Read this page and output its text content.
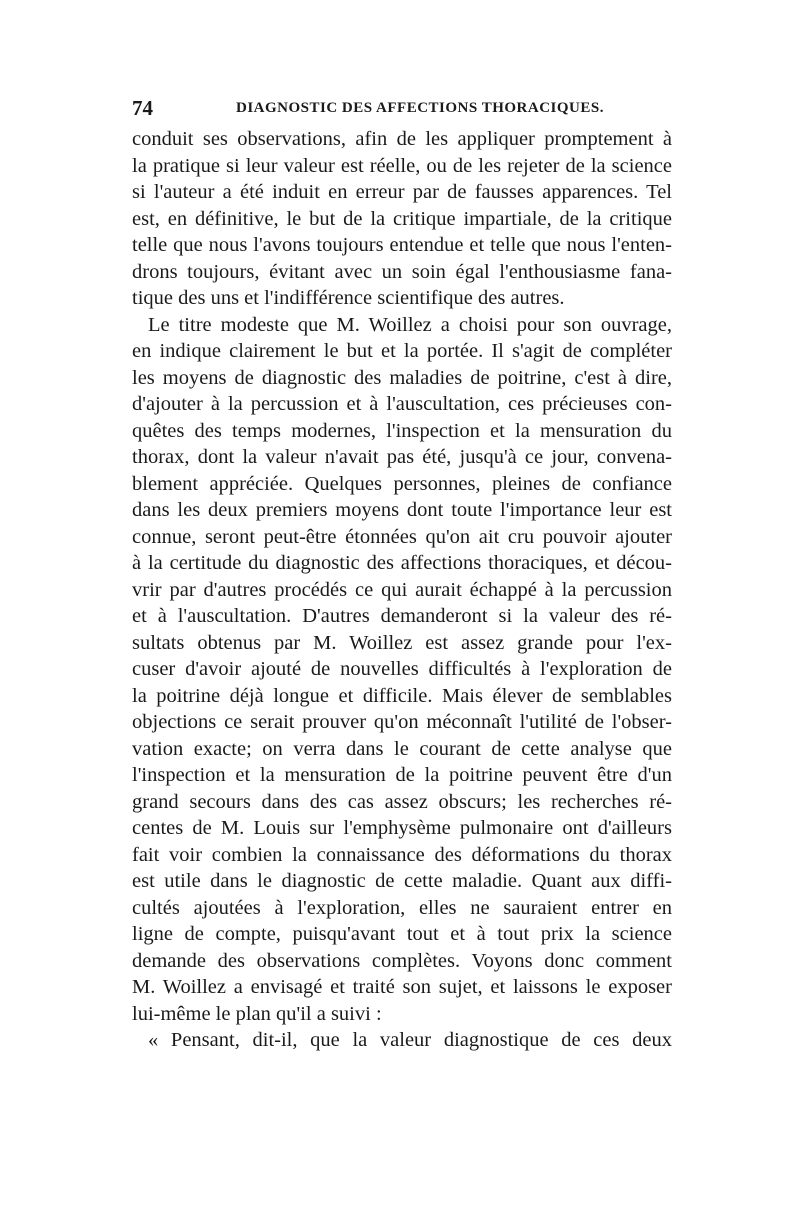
74	DIAGNOSTIC DES AFFECTIONS THORACIQUES.
conduit ses observations, afin de les appliquer promptement à
la pratique si leur valeur est réelle, ou de les rejeter de la science
si l'auteur a été induit en erreur par de fausses apparences. Tel
est, en définitive, le but de la critique impartiale, de la critique
telle que nous l'avons toujours entendue et telle que nous l'enten-
drons toujours, évitant avec un soin égal l'enthousiasme fana-
tique des uns et l'indifférence scientifique des autres.
Le titre modeste que M. Woillez a choisi pour son ouvrage,
en indique clairement le but et la portée. Il s'agit de compléter
les moyens de diagnostic des maladies de poitrine, c'est à dire,
d'ajouter à la percussion et à l'auscultation, ces précieuses con-
quêtes des temps modernes, l'inspection et la mensuration du
thorax, dont la valeur n'avait pas été, jusqu'à ce jour, convena-
blement appréciée. Quelques personnes, pleines de confiance
dans les deux premiers moyens dont toute l'importance leur est
connue, seront peut-être étonnées qu'on ait cru pouvoir ajouter
à la certitude du diagnostic des affections thoraciques, et décou-
vrir par d'autres procédés ce qui aurait échappé à la percussion
et à l'auscultation. D'autres demanderont si la valeur des ré-
sultats obtenus par M. Woillez est assez grande pour l'ex-
cuser d'avoir ajouté de nouvelles difficultés à l'exploration de
la poitrine déjà longue et difficile. Mais élever de semblables
objections ce serait prouver qu'on méconnaît l'utilité de l'obser-
vation exacte; on verra dans le courant de cette analyse que
l'inspection et la mensuration de la poitrine peuvent être d'un
grand secours dans des cas assez obscurs; les recherches ré-
centes de M. Louis sur l'emphysème pulmonaire ont d'ailleurs
fait voir combien la connaissance des déformations du thorax
est utile dans le diagnostic de cette maladie. Quant aux diffi-
cultés ajoutées à l'exploration, elles ne sauraient entrer en
ligne de compte, puisqu'avant tout et à tout prix la science
demande des observations complètes. Voyons donc comment
M. Woillez a envisagé et traité son sujet, et laissons le exposer
lui-même le plan qu'il a suivi :
« Pensant, dit-il, que la valeur diagnostique de ces deux
